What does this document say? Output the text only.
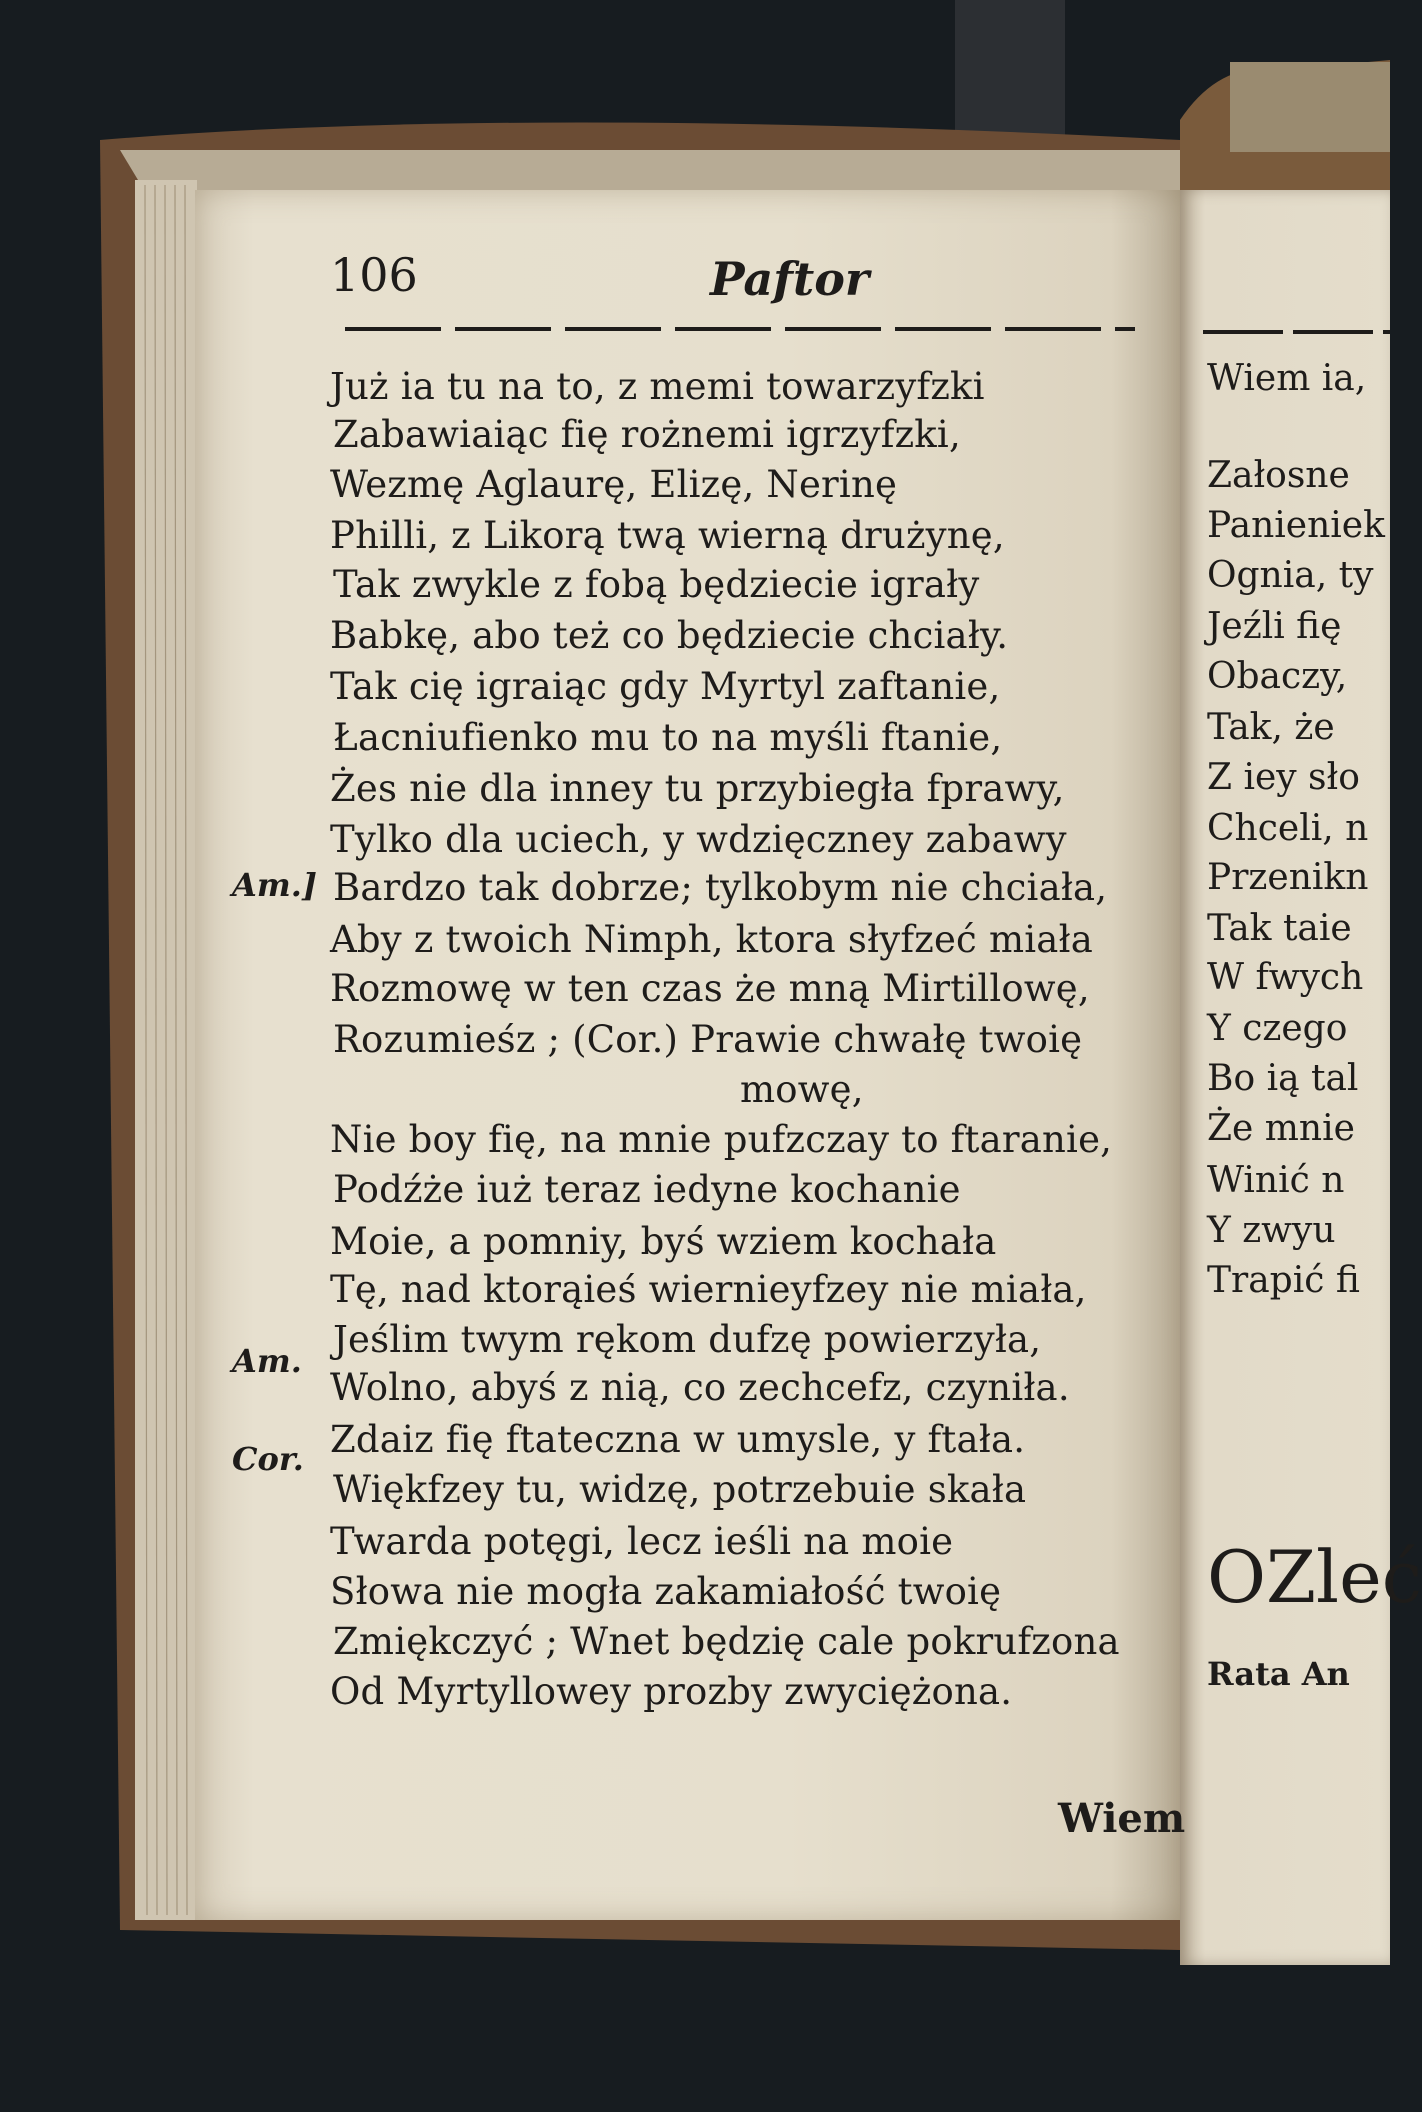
106	Paftor
Już ia tu na to, z memi towarzyfzki
Zabawiaiąc fię rożnemi igrzyfzki,
Wezmę Aglaurę, Elizę, Nerinę
Philli, z Likorą twą wierną drużynę,
Tak zwykle z fobą będziecie igrały
Babkę, abo też co będziecie chciały.
Tak cię igraiąc gdy Myrtyl zaftanie,
Łacniufienko mu to na myśli ftanie,
Żes nie dla inney tu przybiegła fprawy,
Tylko dla uciech, y wdzięczney zabawy
Bardzo tak dobrze; tylkobym nie chciała,
Aby z twoich Nimph, ktora słyfzeć miała
Rozmowę w ten czas że mną Mirtillowę,
Rozumieśz ; (Cor.) Prawie chwałę twoię
mowę,
Nie boy fię, na mnie pufzczay to ftaranie,
Podźże iuż teraz iedyne kochanie
Moie, a pomniy, byś wziem kochała
Tę, nad ktorąieś wiernieyfzey nie miała,
Jeślim twym rękom dufzę powierzyła,
Wolno, abyś z nią, co zechcefz, czyniła.
Zdaiz fię ftateczna w umysle, y ftała.
Więkfzey tu, widzę, potrzebuie skała
Twarda potęgi, lecz ieśli na moie
Słowa nie mogła zakamiałość twoię
Zmiękczyć ; Wnet będzię cale pokrufzona
Od Myrtyllowey prozby zwyciężona.
Am.]
Am.
Cor.
Wiem
Wiem ia,
Załosne
Panieniek
Ognia, ty
Jeźli fię
Obaczy,
Tak, że
Z iey sło
Chceli, n
Przenikn
Tak taie
W fwych
Y czego
Bo ią tal
Że mnie
Winić n
Y zwyu
Trapić fi
OZleć
Rata An
